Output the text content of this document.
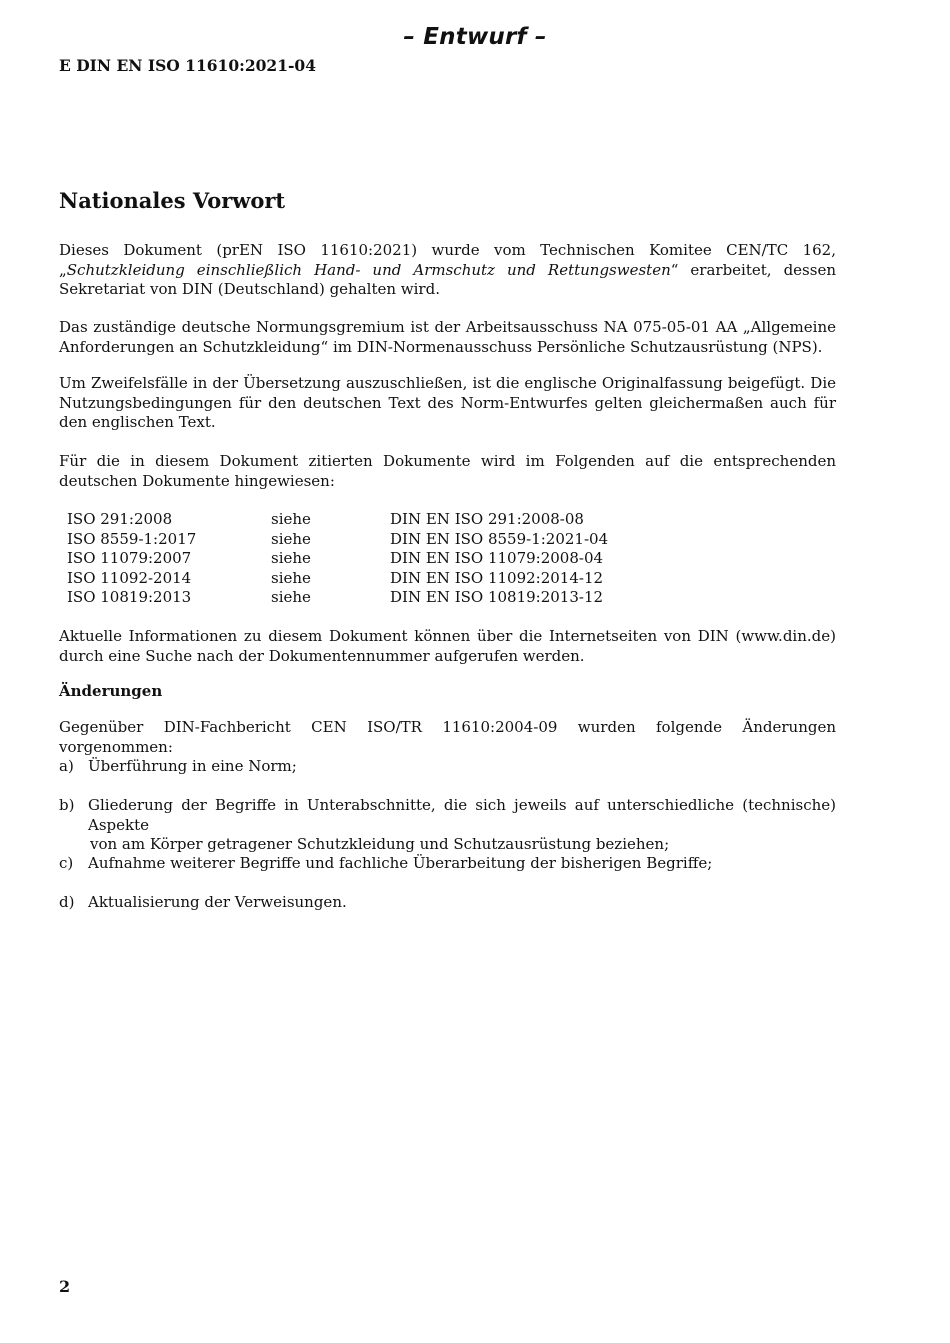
– Entwurf –
E DIN EN ISO 11610:2021-04
Nationales Vorwort

Dieses Dokument (prEN ISO 11610:2021) wurde vom Technischen Komitee CEN/TC 162, „Schutzkleidung einschließlich Hand- und Armschutz und Rettungswesten“ erarbeitet, dessen Sekretariat von DIN (Deutschland) gehalten wird.

Das zuständige deutsche Normungsgremium ist der Arbeitsausschuss NA 075-05-01 AA „Allgemeine Anforderungen an Schutzkleidung“ im DIN-Normenausschuss Persönliche Schutzausrüstung (NPS).

Um Zweifelsfälle in der Übersetzung auszuschließen, ist die englische Originalfassung beigefügt. Die Nutzungsbedingungen für den deutschen Text des Norm-Entwurfes gelten gleichermaßen auch für den englischen Text.

Für die in diesem Dokument zitierten Dokumente wird im Folgenden auf die entsprechenden deutschen Dokumente hingewiesen:

ISO 291:2008	siehe	DIN EN ISO 291:2008-08
ISO 8559-1:2017	siehe	DIN EN ISO 8559-1:2021-04
ISO 11079:2007	siehe	DIN EN ISO 11079:2008-04
ISO 11092-2014	siehe	DIN EN ISO 11092:2014-12
ISO 10819:2013	siehe	DIN EN ISO 10819:2013-12

Aktuelle Informationen zu diesem Dokument können über die Internetseiten von DIN (www.din.de) durch eine Suche nach der Dokumentennummer aufgerufen werden.

Änderungen

Gegenüber DIN-Fachbericht CEN ISO/TR 11610:2004-09 wurden folgende Änderungen vorgenommen:

a) Überführung in eine Norm;
b) Gliederung der Begriffe in Unterabschnitte, die sich jeweils auf unterschiedliche (technische) Aspekte
von am Körper getragener Schutzkleidung und Schutzausrüstung beziehen;
c) Aufnahme weiterer Begriffe und fachliche Überarbeitung der bisherigen Begriffe;
d) Aktualisierung der Verweisungen.
2
